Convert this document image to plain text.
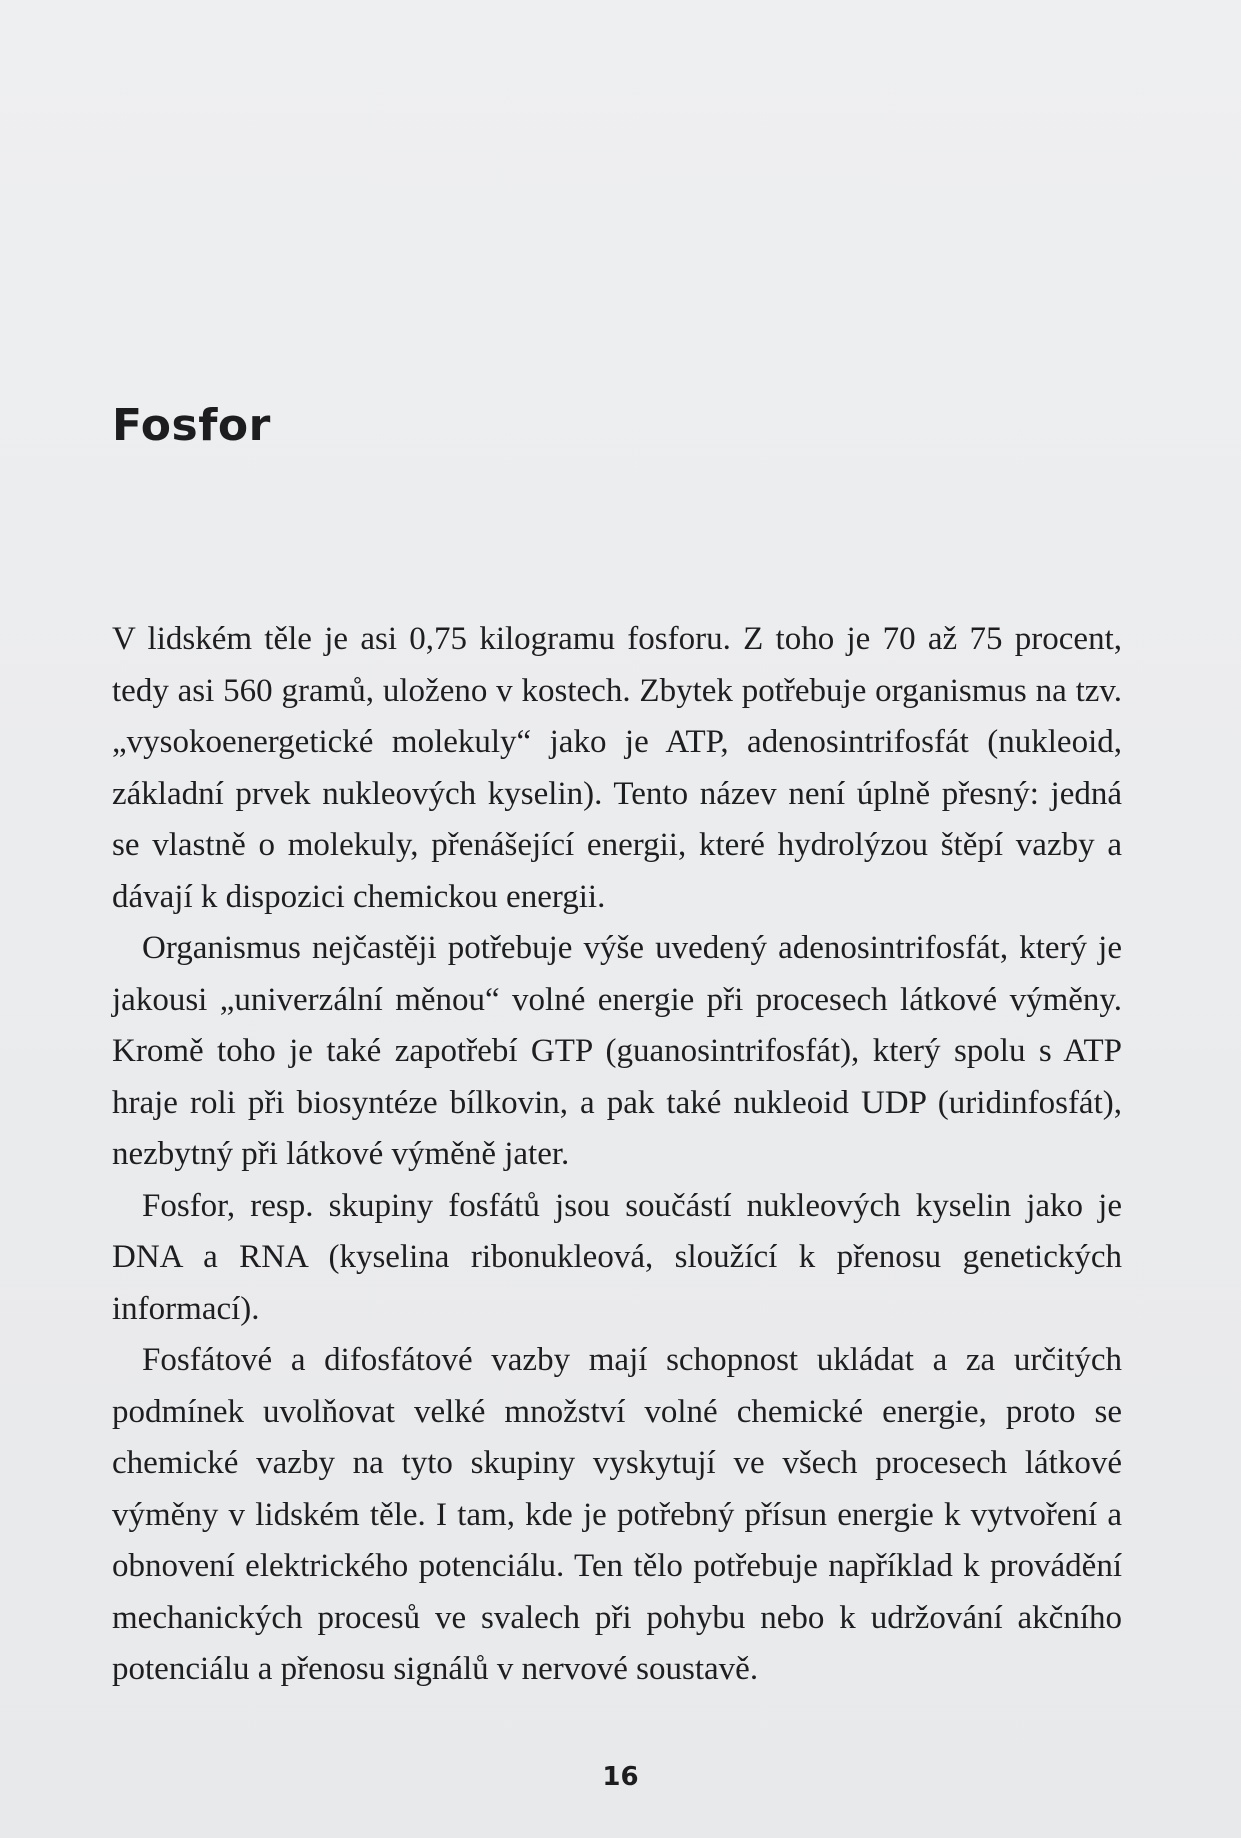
Fosfor

V lidském těle je asi 0,75 kilogramu fosforu. Z toho je 70 až 75 procent, tedy asi 560 gramů, uloženo v kostech. Zbytek potřebuje organismus na tzv. „vysokoenergetické molekuly“ jako je ATP, adenosintrifosfát (nukleoid, základní prvek nukleových kyselin). Tento název není úplně přesný: jedná se vlastně o molekuly, přenášející energii, které hydrolýzou štěpí vazby a dávají k dispozici chemickou energii.

Organismus nejčastěji potřebuje výše uvedený adenosintrifosfát, který je jakousi „univerzální měnou“ volné energie při procesech látkové výměny. Kromě toho je také zapotřebí GTP (guanosintrifosfát), který spolu s ATP hraje roli při biosyntéze bílkovin, a pak také nukleoid UDP (uridinfosfát), nezbytný při látkové výměně jater.

Fosfor, resp. skupiny fosfátů jsou součástí nukleových kyselin jako je DNA a RNA (kyselina ribonukleová, sloužící k přenosu genetických informací).

Fosfátové a difosfátové vazby mají schopnost ukládat a za určitých podmínek uvolňovat velké množství volné chemické energie, proto se chemické vazby na tyto skupiny vyskytují ve všech procesech látkové výměny v lidském těle. I tam, kde je potřebný přísun energie k vytvoření a obnovení elektrického potenciálu. Ten tělo potřebuje například k provádění mechanických procesů ve svalech při pohybu nebo k udržování akčního potenciálu a přenosu signálů v nervové soustavě.

16
